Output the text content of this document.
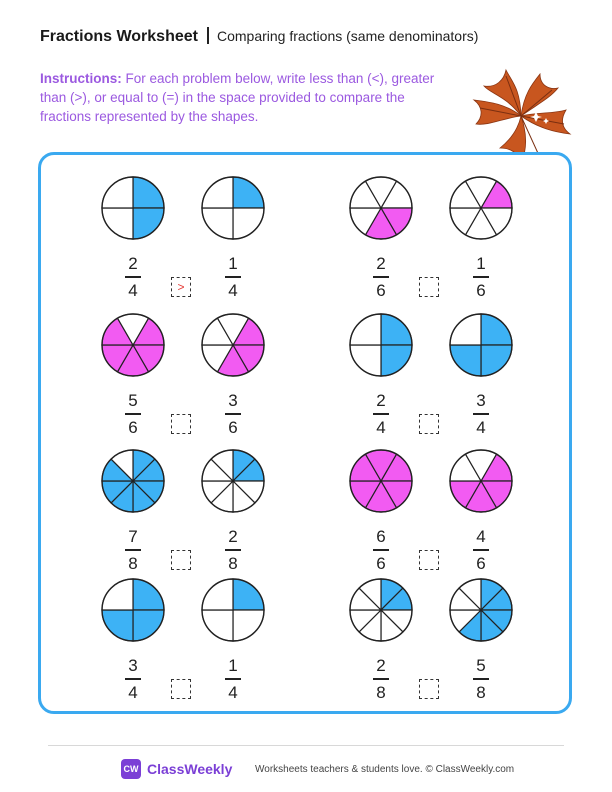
Fractions Worksheet Comparing fractions (same denominators)
Instructions: For each problem below, write less than (<), greater than (>), or equal to (=) in the space provided to compare the fractions represented by the shapes.
2
4
1
4
>
2
6
1
6
5
6
3
6
2
4
3
4
7
8
2
8
6
6
4
6
3
4
1
4
2
8
5
8
CW ClassWeekly Worksheets teachers & students love. © ClassWeekly.com
